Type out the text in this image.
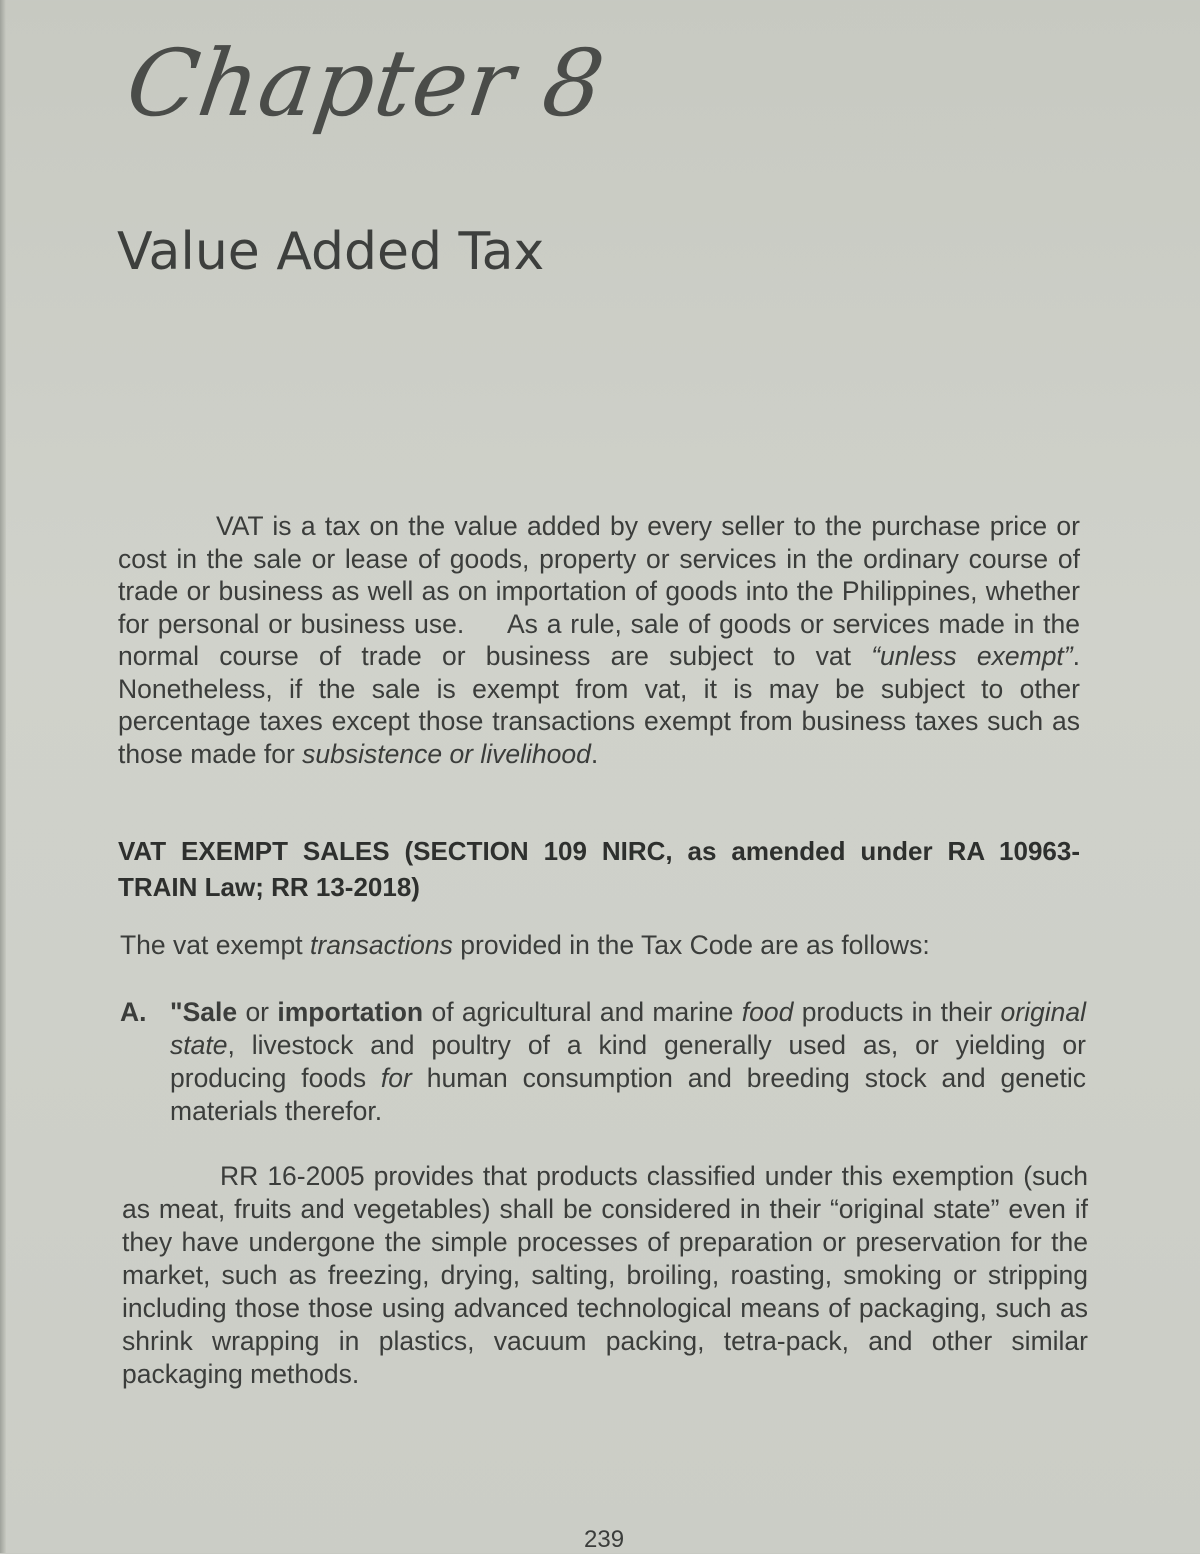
Chapter 8
Value Added Tax
VAT is a tax on the value added by every seller to the purchase price or cost in the sale or lease of goods, property or services in the ordinary course of trade or business as well as on importation of goods into the Philippines, whether for personal or business use. As a rule, sale of goods or services made in the normal course of trade or business are subject to vat “unless exempt”. Nonetheless, if the sale is exempt from vat, it is may be subject to other percentage taxes except those transactions exempt from business taxes such as those made for subsistence or livelihood.
VAT EXEMPT SALES (SECTION 109 NIRC, as amended under RA 10963-TRAIN Law; RR 13-2018)
The vat exempt transactions provided in the Tax Code are as follows:
A. "Sale or importation of agricultural and marine food products in their original state, livestock and poultry of a kind generally used as, or yielding or producing foods for human consumption and breeding stock and genetic materials therefor.
RR 16-2005 provides that products classified under this exemption (such as meat, fruits and vegetables) shall be considered in their “original state” even if they have undergone the simple processes of preparation or preservation for the market, such as freezing, drying, salting, broiling, roasting, smoking or stripping including those those using advanced technological means of packaging, such as shrink wrapping in plastics, vacuum packing, tetra-pack, and other similar packaging methods.
239
